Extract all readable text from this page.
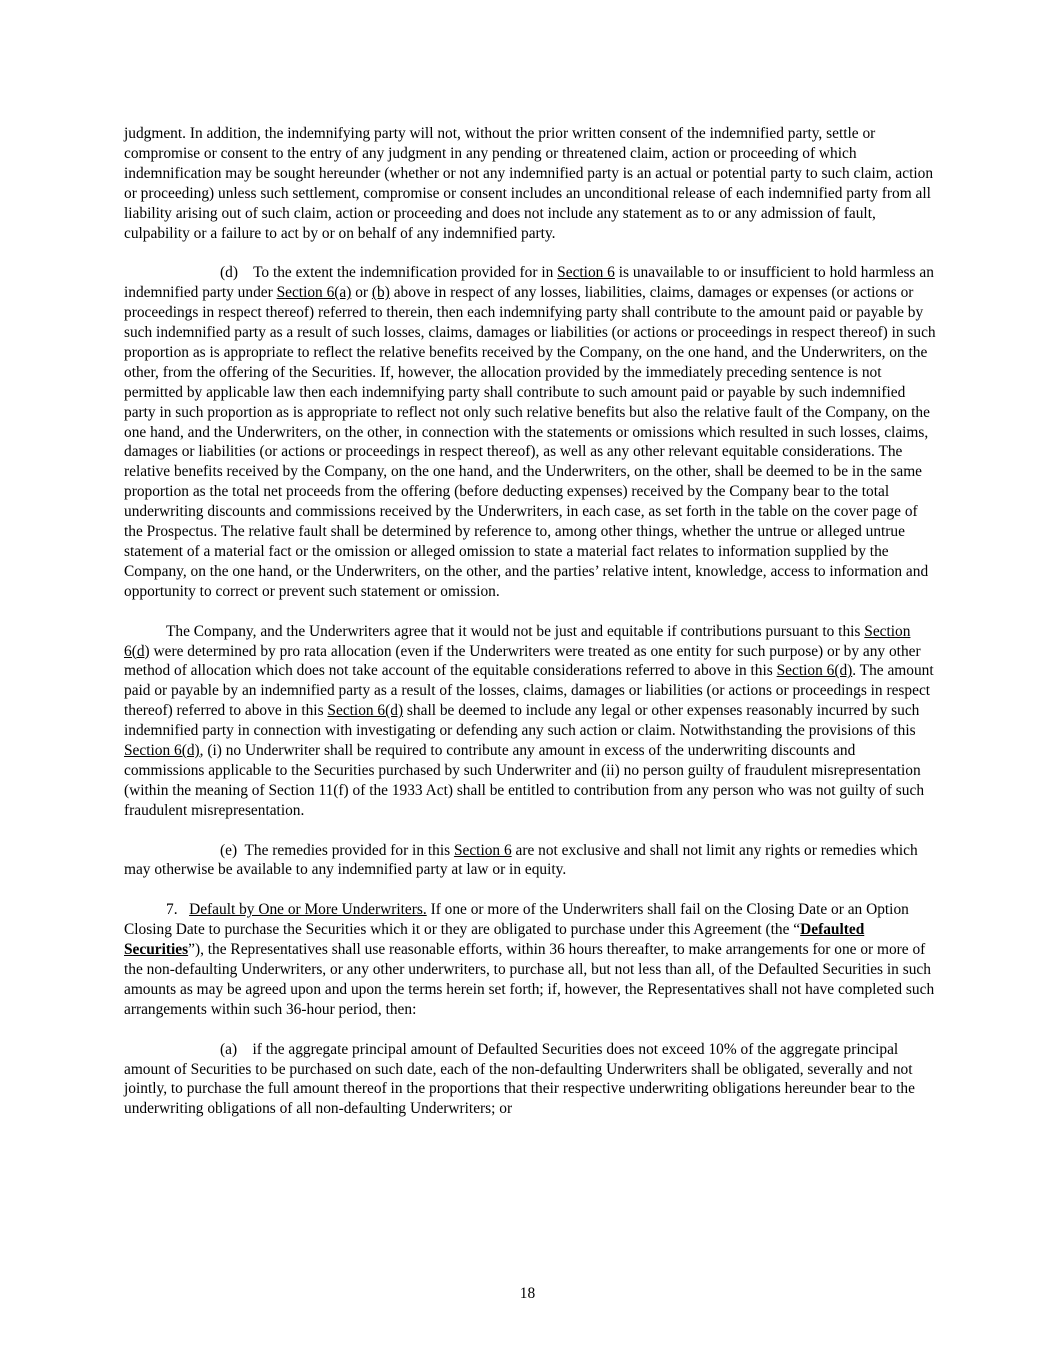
judgment. In addition, the indemnifying party will not, without the prior written consent of the indemnified party, settle or compromise or consent to the entry of any judgment in any pending or threatened claim, action or proceeding of which indemnification may be sought hereunder (whether or not any indemnified party is an actual or potential party to such claim, action or proceeding) unless such settlement, compromise or consent includes an unconditional release of each indemnified party from all liability arising out of such claim, action or proceeding and does not include any statement as to or any admission of fault, culpability or a failure to act by or on behalf of any indemnified party.

(d) To the extent the indemnification provided for in Section 6 is unavailable to or insufficient to hold harmless an indemnified party under Section 6(a) or (b) above in respect of any losses, liabilities, claims, damages or expenses (or actions or proceedings in respect thereof) referred to therein, then each indemnifying party shall contribute to the amount paid or payable by such indemnified party as a result of such losses, claims, damages or liabilities (or actions or proceedings in respect thereof) in such proportion as is appropriate to reflect the relative benefits received by the Company, on the one hand, and the Underwriters, on the other, from the offering of the Securities. If, however, the allocation provided by the immediately preceding sentence is not permitted by applicable law then each indemnifying party shall contribute to such amount paid or payable by such indemnified party in such proportion as is appropriate to reflect not only such relative benefits but also the relative fault of the Company, on the one hand, and the Underwriters, on the other, in connection with the statements or omissions which resulted in such losses, claims, damages or liabilities (or actions or proceedings in respect thereof), as well as any other relevant equitable considerations. The relative benefits received by the Company, on the one hand, and the Underwriters, on the other, shall be deemed to be in the same proportion as the total net proceeds from the offering (before deducting expenses) received by the Company bear to the total underwriting discounts and commissions received by the Underwriters, in each case, as set forth in the table on the cover page of the Prospectus. The relative fault shall be determined by reference to, among other things, whether the untrue or alleged untrue statement of a material fact or the omission or alleged omission to state a material fact relates to information supplied by the Company, on the one hand, or the Underwriters, on the other, and the parties’ relative intent, knowledge, access to information and opportunity to correct or prevent such statement or omission.

The Company, and the Underwriters agree that it would not be just and equitable if contributions pursuant to this Section 6(d) were determined by pro rata allocation (even if the Underwriters were treated as one entity for such purpose) or by any other method of allocation which does not take account of the equitable considerations referred to above in this Section 6(d). The amount paid or payable by an indemnified party as a result of the losses, claims, damages or liabilities (or actions or proceedings in respect thereof) referred to above in this Section 6(d) shall be deemed to include any legal or other expenses reasonably incurred by such indemnified party in connection with investigating or defending any such action or claim. Notwithstanding the provisions of this Section 6(d), (i) no Underwriter shall be required to contribute any amount in excess of the underwriting discounts and commissions applicable to the Securities purchased by such Underwriter and (ii) no person guilty of fraudulent misrepresentation (within the meaning of Section 11(f) of the 1933 Act) shall be entitled to contribution from any person who was not guilty of such fraudulent misrepresentation.

(e) The remedies provided for in this Section 6 are not exclusive and shall not limit any rights or remedies which may otherwise be available to any indemnified party at law or in equity.

7. Default by One or More Underwriters. If one or more of the Underwriters shall fail on the Closing Date or an Option Closing Date to purchase the Securities which it or they are obligated to purchase under this Agreement (the “Defaulted Securities”), the Representatives shall use reasonable efforts, within 36 hours thereafter, to make arrangements for one or more of the non-defaulting Underwriters, or any other underwriters, to purchase all, but not less than all, of the Defaulted Securities in such amounts as may be agreed upon and upon the terms herein set forth; if, however, the Representatives shall not have completed such arrangements within such 36-hour period, then:

(a) if the aggregate principal amount of Defaulted Securities does not exceed 10% of the aggregate principal amount of Securities to be purchased on such date, each of the non-defaulting Underwriters shall be obligated, severally and not jointly, to purchase the full amount thereof in the proportions that their respective underwriting obligations hereunder bear to the underwriting obligations of all non-defaulting Underwriters; or

18
